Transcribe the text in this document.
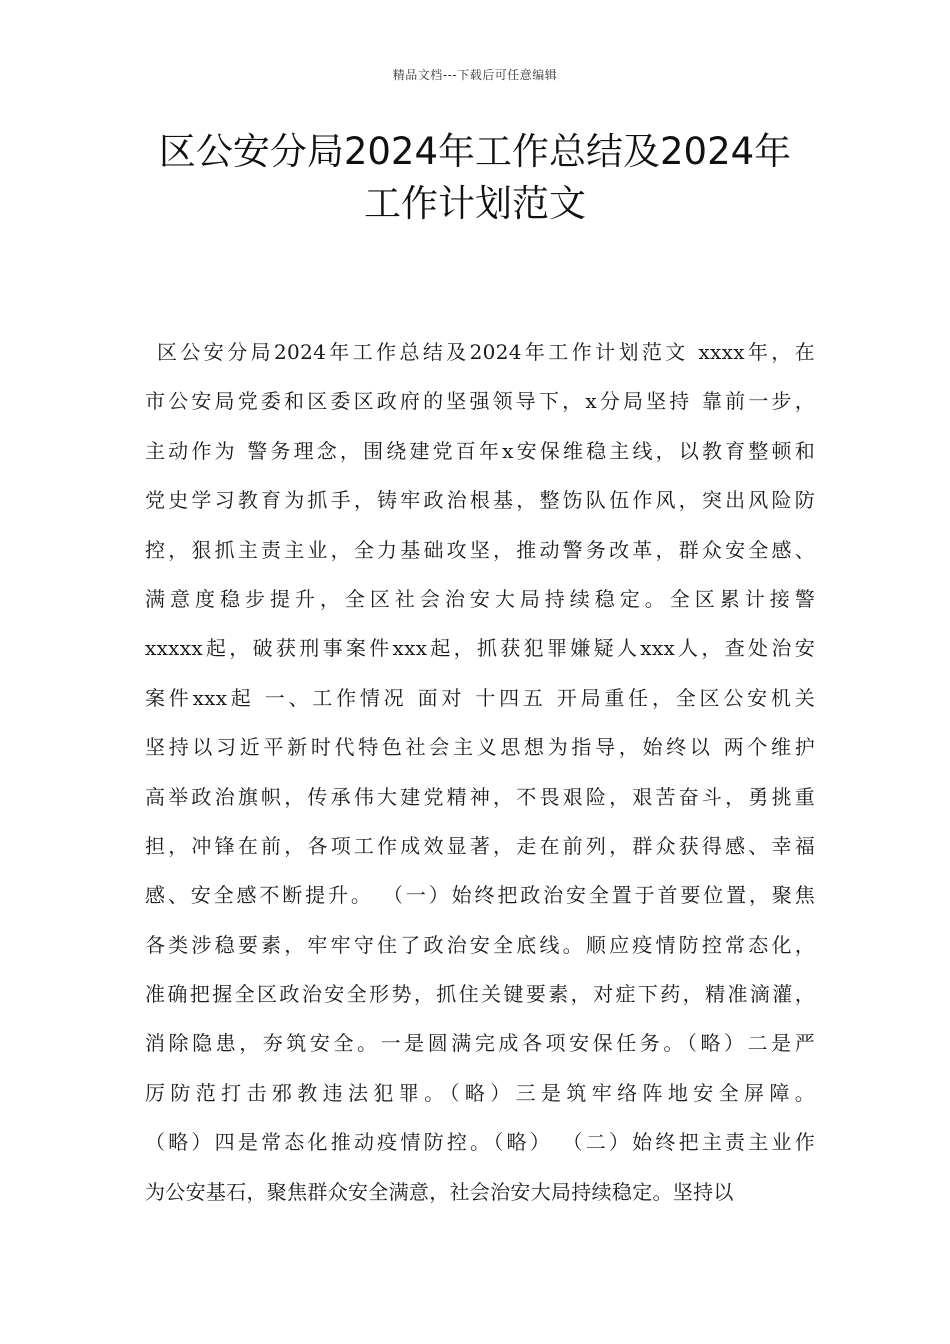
精品文档---下载后可任意编辑
区公安分局2024年工作总结及2024年
工作计划范文
区公安分局2024年工作总结及2024年工作计划范文 xxxx年，在
市公安局党委和区委区政府的坚强领导下，x分局坚持 靠前一步，
主动作为 警务理念，围绕建党百年x安保维稳主线，以教育整顿和
党史学习教育为抓手，铸牢政治根基，整饬队伍作风，突出风险防
控，狠抓主责主业，全力基础攻坚，推动警务改革，群众安全感、
满意度稳步提升，全区社会治安大局持续稳定。全区累计接警
xxxxx起，破获刑事案件xxx起，抓获犯罪嫌疑人xxx人，查处治安
案件xxx起 一、工作情况 面对 十四五 开局重任，全区公安机关
坚持以习近平新时代特色社会主义思想为指导，始终以 两个维护
高举政治旗帜，传承伟大建党精神，不畏艰险，艰苦奋斗，勇挑重
担，冲锋在前，各项工作成效显著，走在前列，群众获得感、幸福
感、安全感不断提升。 （一）始终把政治安全置于首要位置，聚焦
各类涉稳要素，牢牢守住了政治安全底线。顺应疫情防控常态化，
准确把握全区政治安全形势，抓住关键要素，对症下药，精准滴灌，
消除隐患，夯筑安全。一是圆满完成各项安保任务。（略）二是严
厉防范打击邪教违法犯罪。（略）三是筑牢络阵地安全屏障。
（略）四是常态化推动疫情防控。（略） （二）始终把主责主业作
为公安基石，聚焦群众安全满意，社会治安大局持续稳定。坚持以
